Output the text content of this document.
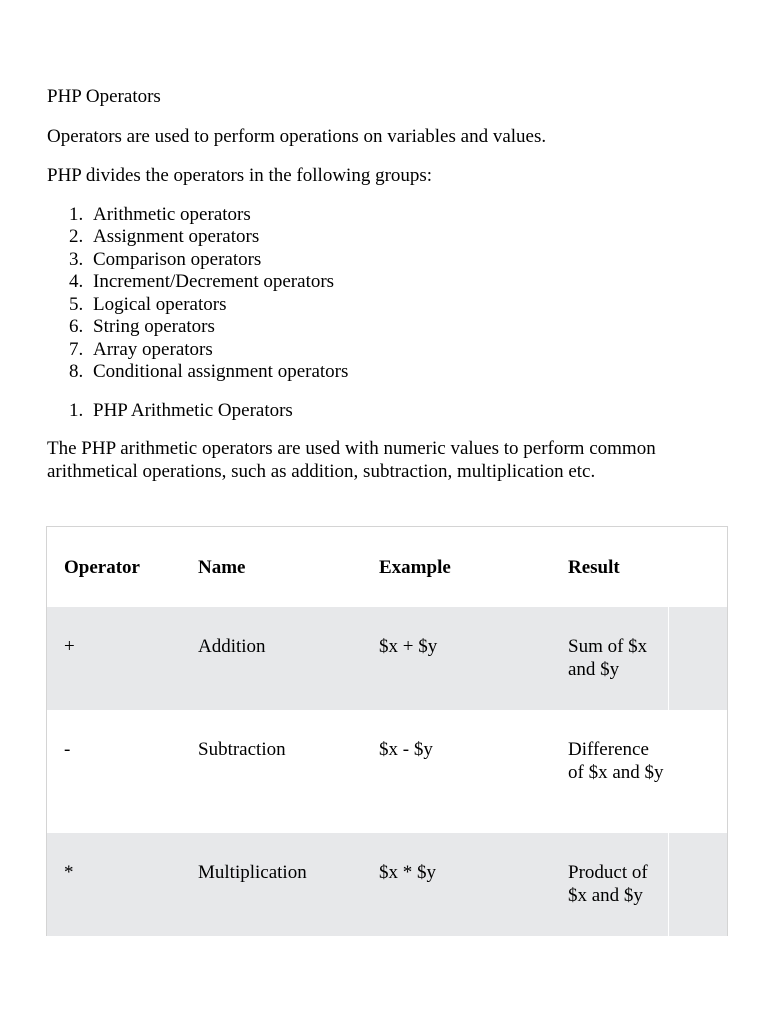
PHP Operators

Operators are used to perform operations on variables and values.

PHP divides the operators in the following groups:

1. Arithmetic operators
2. Assignment operators
3. Comparison operators
4. Increment/Decrement operators
5. Logical operators
6. String operators
7. Array operators
8. Conditional assignment operators
1. PHP Arithmetic Operators

The PHP arithmetic operators are used with numeric values to perform common arithmetical operations, such as addition, subtraction, multiplication etc.

Operator	Name	Example	Result
+	Addition	$x + $y	Sum of $x and $y
-	Subtraction	$x - $y	Difference of $x and $y
*	Multiplication	$x * $y	Product of $x and $y
